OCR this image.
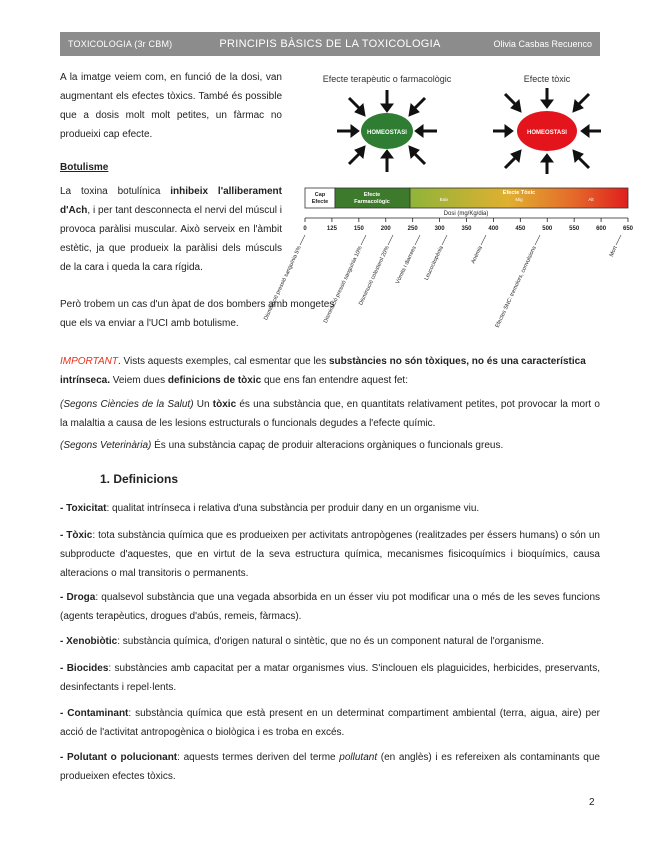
TOXICOLOGIA (3r CBM)	PRINCIPIS BÀSICS DE LA TOXICOLOGIA	Olivia Casbas Recuenco
A la imatge veiem com, en funció de la dosi, van augmentant els efectes tòxics. També és possible que a dosis molt molt petites, un fàrmac no produeixi cap efecte.
Efecte terapèutic o farmacològic	Efecte tòxic
HOMEOSTASI	HOMEOSTASI
Botulisme
La toxina botulínica inhibeix l'alliberament d'Ach, i per tant desconnecta el nervi del múscul i provoca paràlisi muscular. Això serveix en l'àmbit estètic, ja que produeix la paràlisi dels músculs de la cara i queda la cara rígida.
Però trobem un cas d'un àpat de dos bombers amb mongetes que els va enviar a l'UCI amb botulisme.
Cap Efecte
Efecte Farmacològic
Efecte Tòxic
Baix	Mig	Alt
Dosi (mg/Kg/dia)
0	125	150	200	250	300	350	400	450	500	550	600	650
Disminució pressió sanguínia 5%	Disminució pressió sanguínia 10%
Disminució colesterol 20% Vòmits i diarrees Leucocitopènia	Anèmia Efectes SNC: tremolors, convulsions	Mort
IMPORTANT. Vists aquests exemples, cal esmentar que les substàncies no són tòxiques, no és una característica intrínseca. Veiem dues definicions de tòxic que ens fan entendre aquest fet:
(Segons Ciències de la Salut) Un tòxic és una substància que, en quantitats relativament petites, pot provocar la mort o la malaltia a causa de les lesions estructurals o funcionals degudes a l'efecte químic.
(Segons Veterinària) És una substància capaç de produir alteracions orgàniques o funcionals greus.
1. Definicions
- Toxicitat: qualitat intrínseca i relativa d'una substància per produir dany en un organisme viu.
- Tòxic: tota substància química que es produeixen per activitats antropògenes (realitzades per éssers humans) o són un subproducte d'aquestes, que en virtut de la seva estructura química, mecanismes fisicoquímics i bioquímics, causa alteracions o mal transitoris o permanents.
- Droga: qualsevol substància que una vegada absorbida en un ésser viu pot modificar una o més de les seves funcions (agents terapèutics, drogues d'abús, remeis, fàrmacs).
- Xenobiòtic: substància química, d'origen natural o sintètic, que no és un component natural de l'organisme.
- Biocides: substàncies amb capacitat per a matar organismes vius. S'inclouen els plaguicides, herbicides, preservants, desinfectants i repel·lents.
- Contaminant: substància química que està present en un determinat compartiment ambiental (terra, aigua, aire) per acció de l'activitat antropogènica o biològica i es troba en excés.
- Polutant o polucionant: aquests termes deriven del terme pollutant (en anglès) i es refereixen als contaminants que produeixen efectes tòxics.
2
